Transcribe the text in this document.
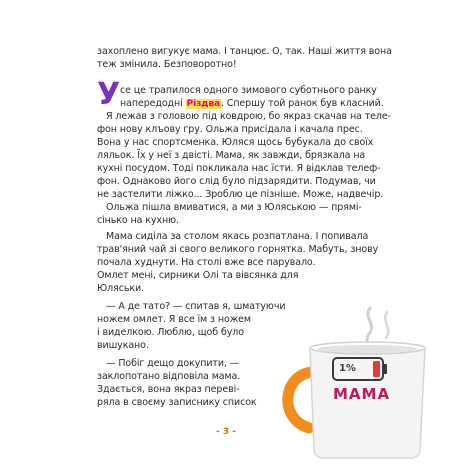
захоплено вигукує мама. І танцює. О, так. Наші життя вона
теж змінила. Безповоротно!
У се це трапилося одного зимового суботнього ранку
напередодні Різдва. Спершу той ранок був класний.
Я лежав з головою під ковдрою, бо якраз скачав на теле-
фон нову клъову гру. Ольжа присідала і качала прес.
Вона у нас спортсменка. Юляся щось бубукала до своїх
ляльок. Їх у неї з двісті. Мама, як завжди, брязкала на
кухні посудом. Тоді покликала нас їсти. Я відклав телеф-
фон. Однаково його слід було підзарядити. Подумав, чи
не застелити ліжко... Зроблю це пізніше. Може, надвечір.
Ольжа пішла вмиватися, а ми з Юляською — прямі-
сінько на кухню.
Мама сиділа за столом якась розпатлана. І попивала
трав'яний чай зі свого великого горнятка. Мабуть, знову
почала худнути. На столі вже все парувало.
Омлет мені, сирники Олі та вівсянка для
Юляськи.
— А де тато? — спитав я, шматуючи
ножем омлет. Я все їм з ножем
і виделкою. Люблю, щоб було
вишукано.
— Побіг дещо докупити, —
заклопотано відповіла мама.
Здається, вона якраз переві-
ряла в своєму записнику список
1%
МАМА
- 3 -
